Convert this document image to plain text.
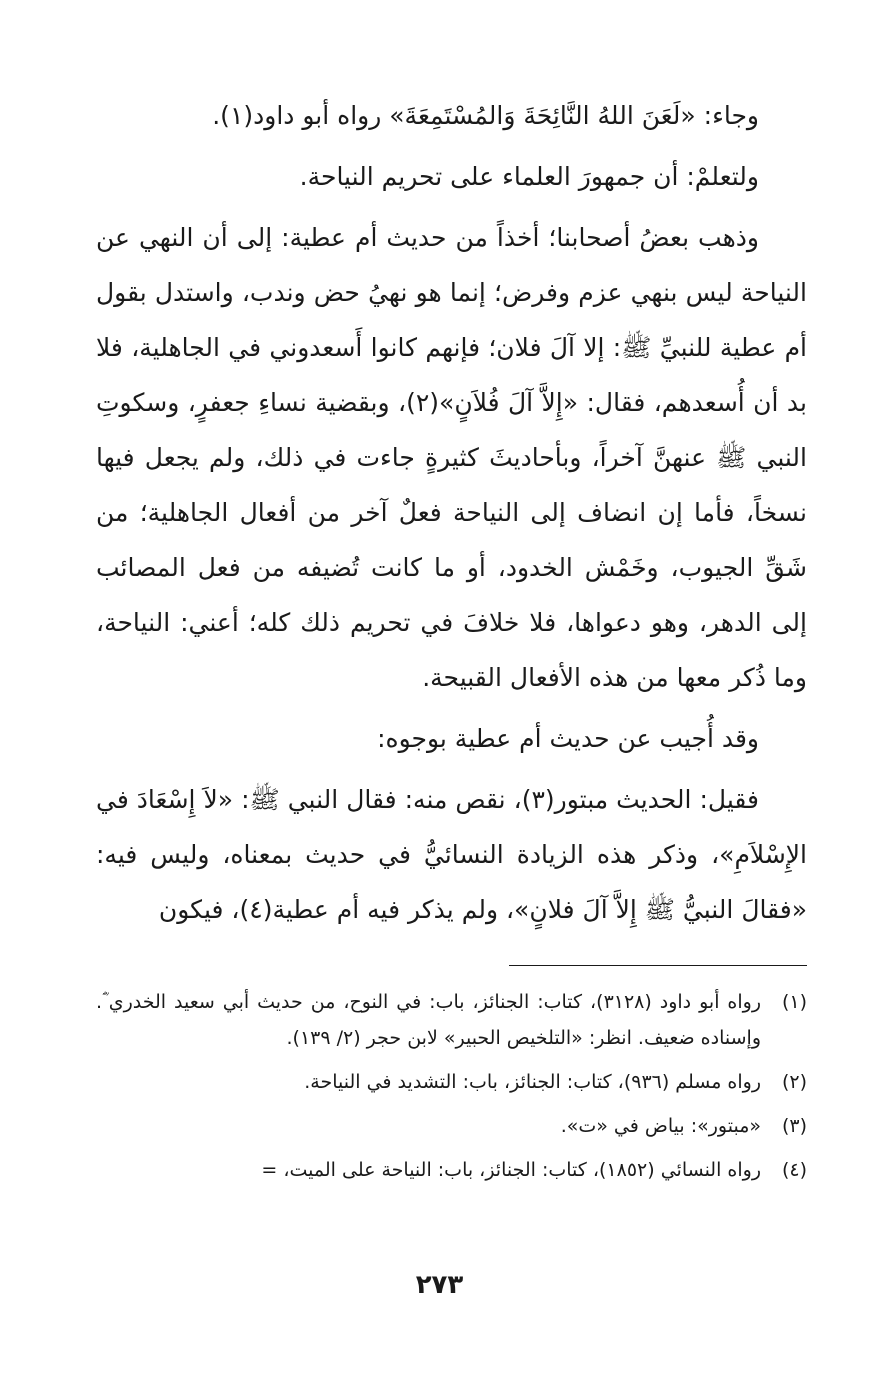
وجاء: «لَعَنَ اللهُ النَّائِحَةَ وَالمُسْتَمِعَةَ» رواه أبو داود(١).

ولتعلمْ: أن جمهورَ العلماء على تحريم النياحة.

وذهب بعضُ أصحابنا؛ أخذاً من حديث أم عطية: إلى أن النهي عن النياحة ليس بنهي عزم وفرض؛ إنما هو نهيُ حض وندب، واستدل بقول أم عطية للنبيِّ ﷺ: إلا آلَ فلان؛ فإنهم كانوا أَسعدوني في الجاهلية، فلا بد أن أُسعدهم، فقال: «إِلاَّ آلَ فُلاَنٍ»(٢)، وبقضية نساءِ جعفرٍ، وسكوتِ النبي ﷺ عنهنَّ آخراً، وبأحاديثَ كثيرةٍ جاءت في ذلك، ولم يجعل فيها نسخاً، فأما إن انضاف إلى النياحة فعلٌ آخر من أفعال الجاهلية؛ من شَقِّ الجيوب، وخَمْش الخدود، أو ما كانت تُضيفه من فعل المصائب إلى الدهر، وهو دعواها، فلا خلافَ في تحريم ذلك كله؛ أعني: النياحة، وما ذُكر معها من هذه الأفعال القبيحة.

وقد أُجيب عن حديث أم عطية بوجوه:

فقيل: الحديث مبتور(٣)، نقص منه: فقال النبي ﷺ: «لاَ إِسْعَادَ في الإِسْلاَمِ»، وذكر هذه الزيادة النسائيُّ في حديث بمعناه، وليس فيه: «فقالَ النبيُّ ﷺ إِلاَّ آلَ فلانٍ»، ولم يذكر فيه أم عطية(٤)، فيكون

(١)
رواه أبو داود (٣١٢٨)، كتاب: الجنائز، باب: في النوح، من حديث أبي سعيد الخدري ؓ. وإسناده ضعيف. انظر: «التلخيص الحبير» لابن حجر (٢/ ١٣٩).
(٢)
رواه مسلم (٩٣٦)، كتاب: الجنائز، باب: التشديد في النياحة.
(٣)
«مبتور»: بياض في «ت».
(٤)
رواه النسائي (١٨٥٢)، كتاب: الجنائز، باب: النياحة على الميت، =
٢٧٣
